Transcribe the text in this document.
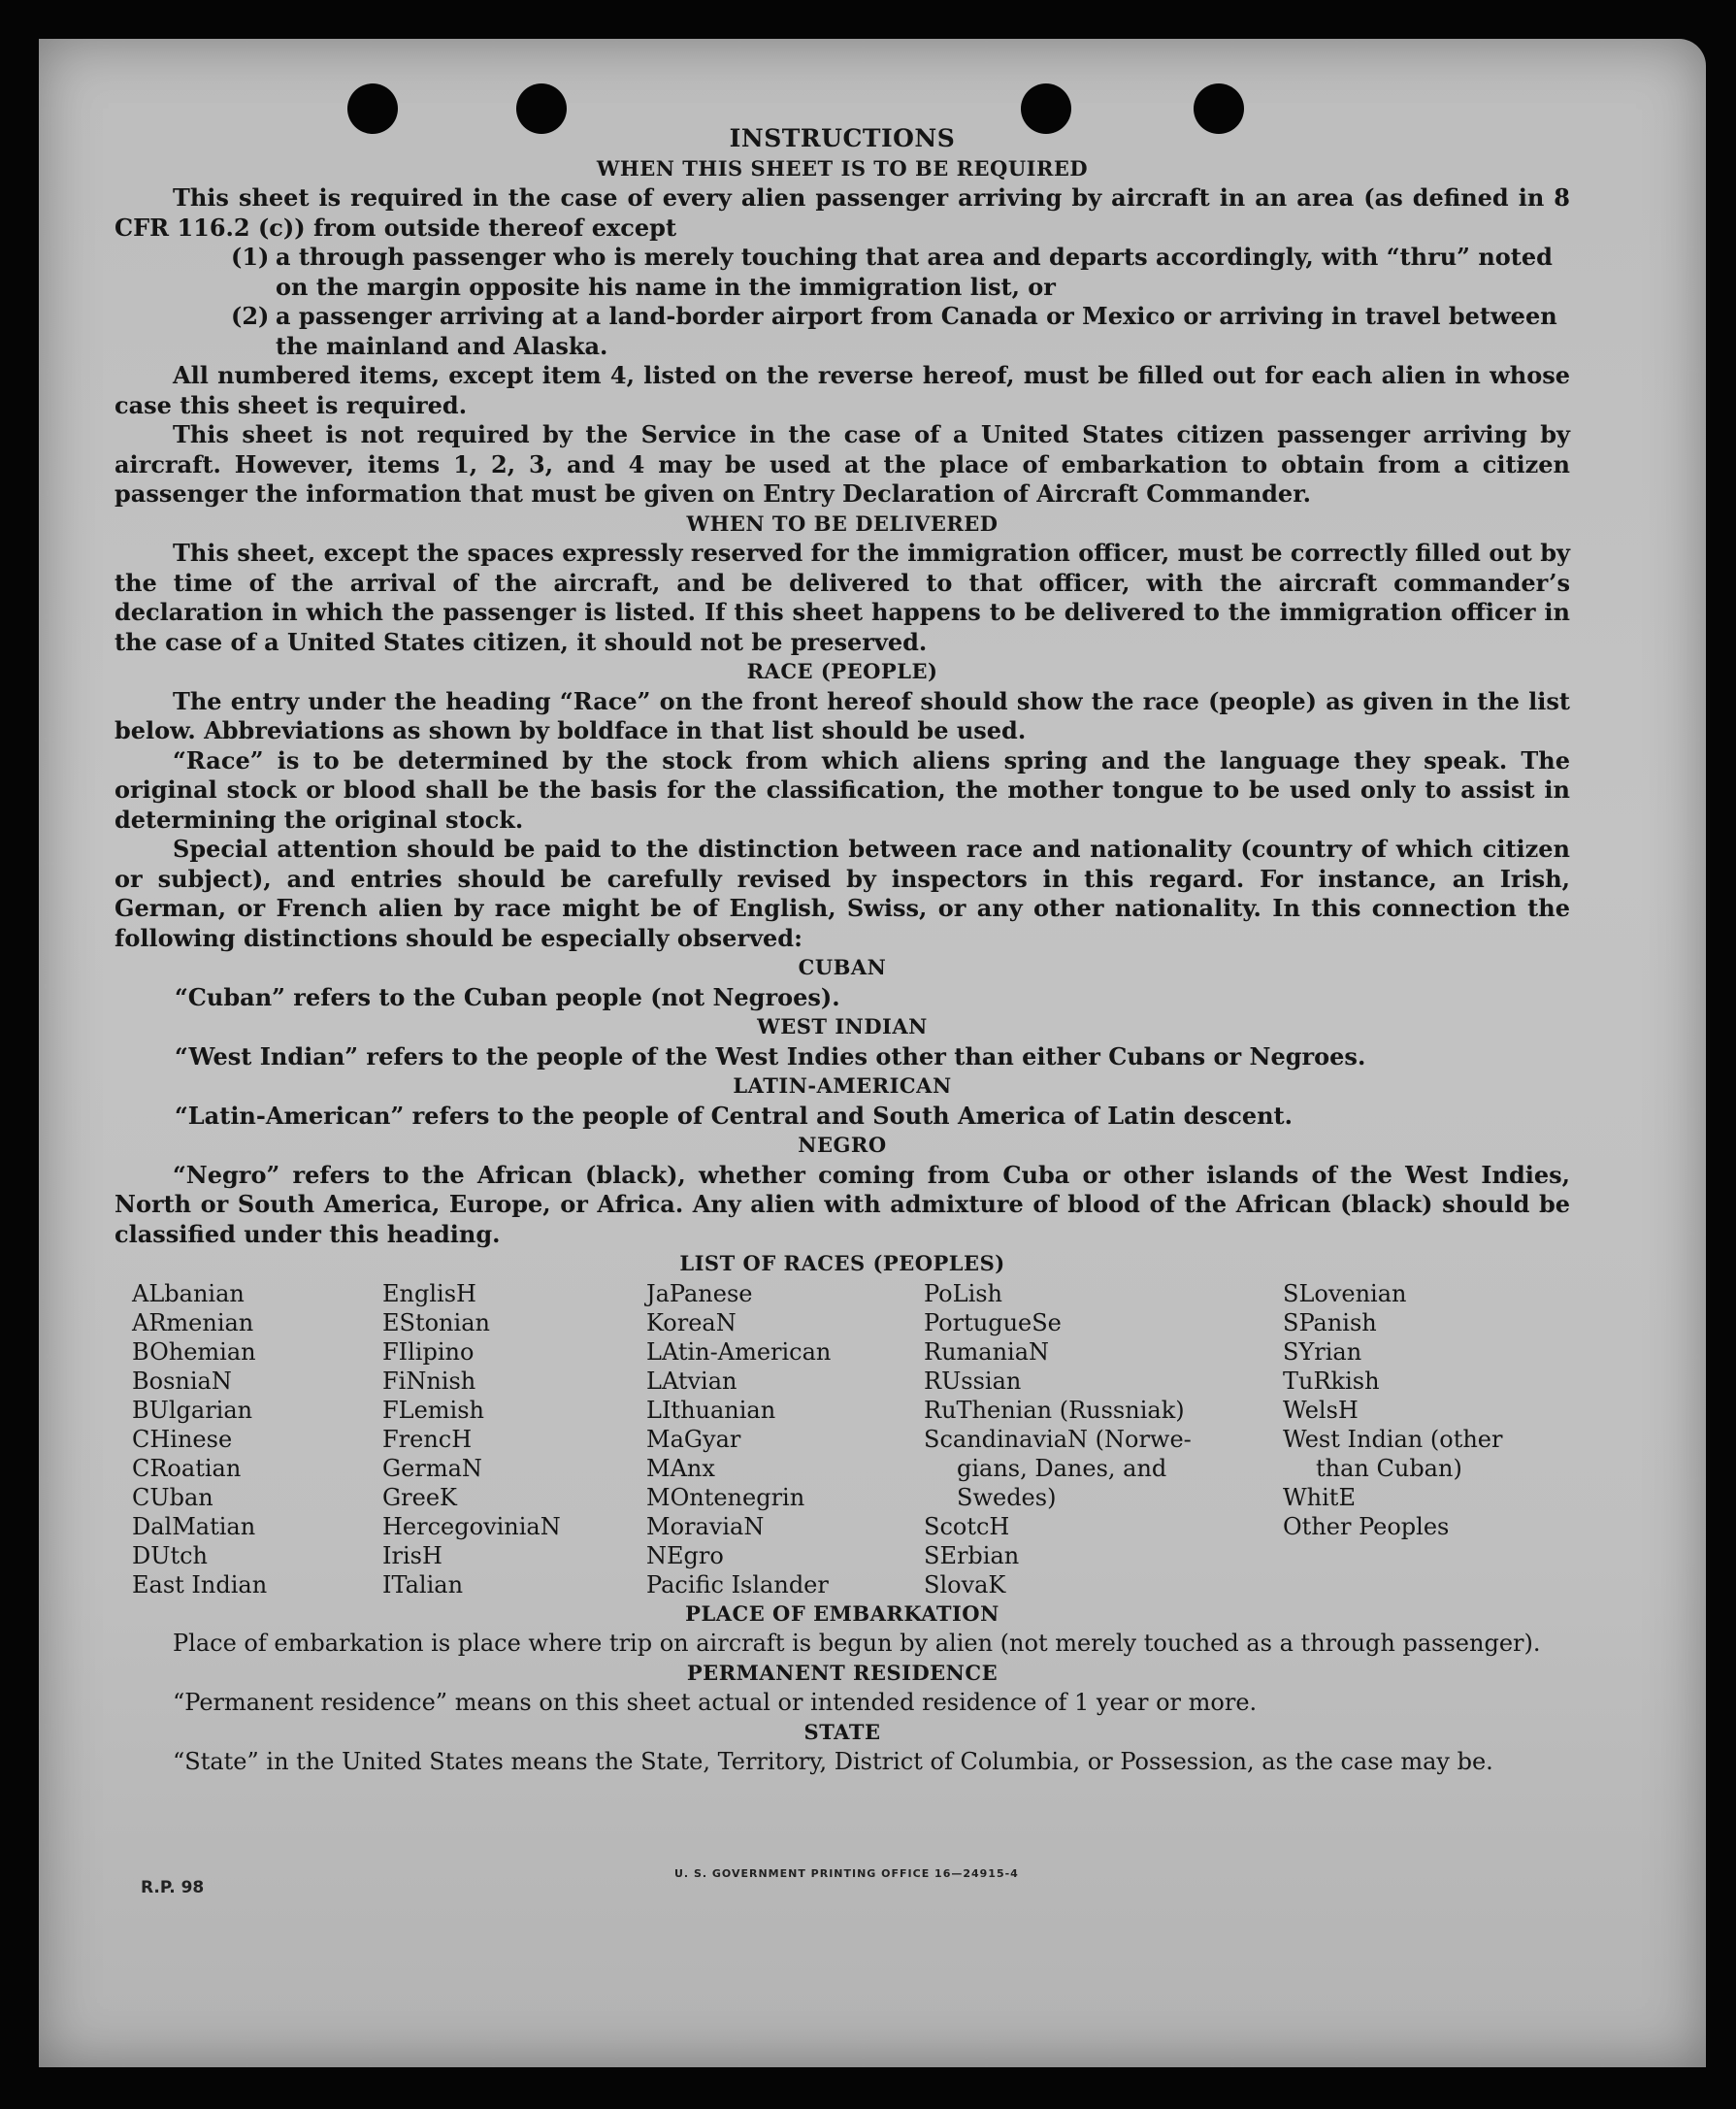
INSTRUCTIONS
WHEN THIS SHEET IS TO BE REQUIRED

This sheet is required in the case of every alien passenger arriving by aircraft in an area (as defined in 8 CFR 116.2 (c)) from outside thereof except

(1) a through passenger who is merely touching that area and departs accordingly, with “thru” noted on the margin opposite his name in the immigration list, or
(2) a passenger arriving at a land-border airport from Canada or Mexico or arriving in travel between the mainland and Alaska.

All numbered items, except item 4, listed on the reverse hereof, must be filled out for each alien in whose case this sheet is required.

This sheet is not required by the Service in the case of a United States citizen passenger arriving by aircraft. However, items 1, 2, 3, and 4 may be used at the place of embarkation to obtain from a citizen passenger the information that must be given on Entry Declaration of Aircraft Commander.

WHEN TO BE DELIVERED

This sheet, except the spaces expressly reserved for the immigration officer, must be correctly filled out by the time of the arrival of the aircraft, and be delivered to that officer, with the aircraft commander’s declaration in which the passenger is listed. If this sheet happens to be delivered to the immigration officer in the case of a United States citizen, it should not be preserved.

RACE (PEOPLE)

The entry under the heading “Race” on the front hereof should show the race (people) as given in the list below. Abbreviations as shown by boldface in that list should be used.

“Race” is to be determined by the stock from which aliens spring and the language they speak. The original stock or blood shall be the basis for the classification, the mother tongue to be used only to assist in determining the original stock.

Special attention should be paid to the distinction between race and nationality (country of which citizen or subject), and entries should be carefully revised by inspectors in this regard. For instance, an Irish, German, or French alien by race might be of English, Swiss, or any other nationality. In this connection the following distinctions should be especially observed:

CUBAN
“Cuban” refers to the Cuban people (not Negroes).
WEST INDIAN
“West Indian” refers to the people of the West Indies other than either Cubans or Negroes.
LATIN-AMERICAN
“Latin-American” refers to the people of Central and South America of Latin descent.
NEGRO

“Negro” refers to the African (black), whether coming from Cuba or other islands of the West Indies, North or South America, Europe, or Africa. Any alien with admixture of blood of the African (black) should be classified under this heading.

LIST OF RACES (PEOPLES)
ALbanian
ARmenian
BOhemian
BosniaN
BUlgarian
CHinese
CRoatian
CUban
DalMatian
DUtch
East Indian
EnglisH
EStonian
FIlipino
FiNnish
FLemish
FrencH
GermaN
GreeK
HercegoviniaN
IrisH
ITalian
JaPanese
KoreaN
LAtin-American
LAtvian
LIthuanian
MaGyar
MAnx
MOntenegrin
MoraviaN
NEgro
Pacific Islander
PoLish
PortugueSe
RumaniaN
RUssian
RuThenian (Russniak)
ScandinaviaN (Norwe-
gians, Danes, and
Swedes)
ScotcH
SErbian
SlovaK
SLovenian
SPanish
SYrian
TuRkish
WelsH
West Indian (other
than Cuban)
WhitE
Other Peoples
PLACE OF EMBARKATION

Place of embarkation is place where trip on aircraft is begun by alien (not merely touched as a through passenger).

PERMANENT RESIDENCE

“Permanent residence” means on this sheet actual or intended residence of 1 year or more.

STATE

“State” in the United States means the State, Territory, District of Columbia, or Possession, as the case may be.

R.P. 98
U. S. GOVERNMENT PRINTING OFFICE 16—24915-4
